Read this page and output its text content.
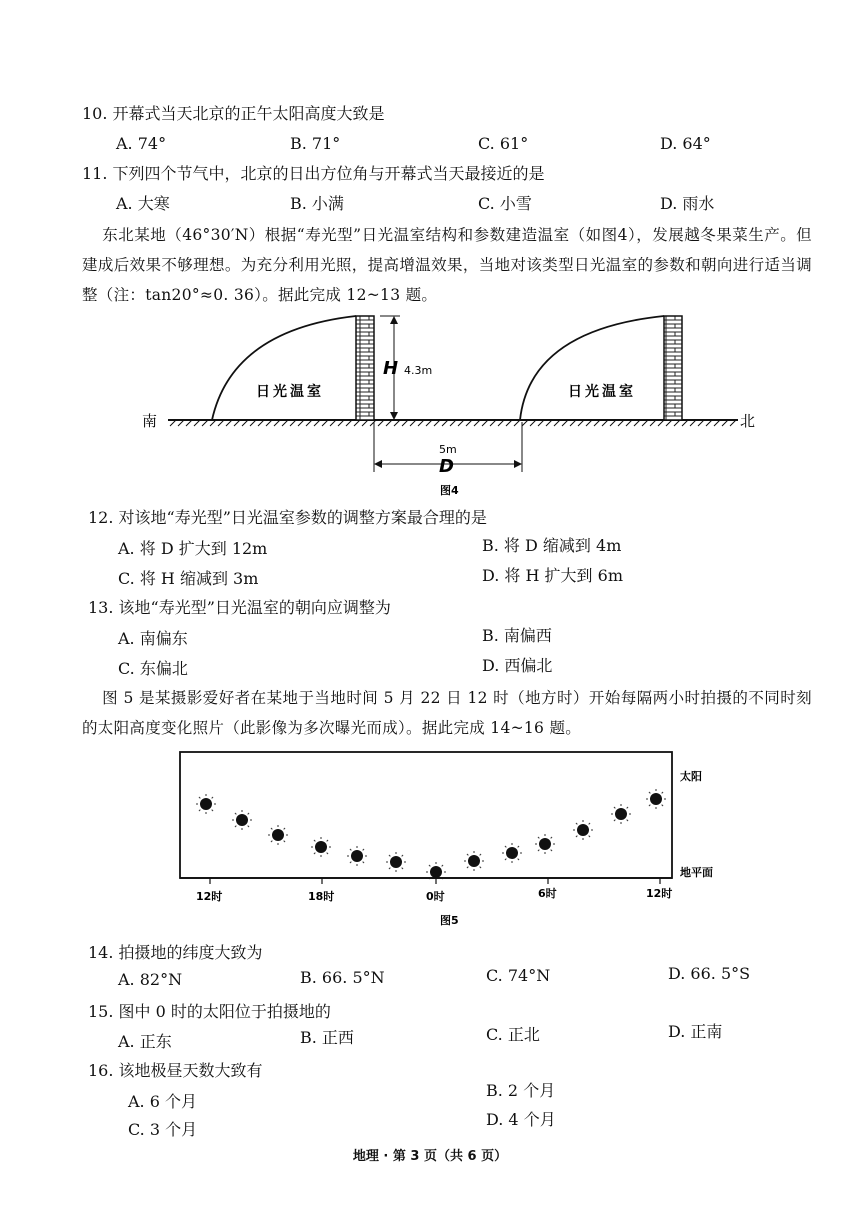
10. 开幕式当天北京的正午太阳高度大致是
A. 74°	B. 71°	C. 61°	D. 64°
11. 下列四个节气中，北京的日出方位角与开幕式当天最接近的是
A. 大寒	B. 小满	C. 小雪	D. 雨水
东北某地（46°30′N）根据“寿光型”日光温室结构和参数建造温室（如图4），发展越冬果菜生产。但建成后效果不够理想。为充分利用光照，提高增温效果，当地对该类型日光温室的参数和朝向进行适当调整（注：tan20°≈0. 36）。据此完成 12~13 题。
H 4.3m
5m
D
日光温室	日光温室
南	北
图4
12. 对该地“寿光型”日光温室参数的调整方案最合理的是
A. 将 D 扩大到 12m	B. 将 D 缩减到 4m
C. 将 H 缩减到 3m	D. 将 H 扩大到 6m
13. 该地“寿光型”日光温室的朝向应调整为
A. 南偏东	B. 南偏西
C. 东偏北	D. 西偏北
图 5 是某摄影爱好者在某地于当地时间 5 月 22 日 12 时（地方时）开始每隔两小时拍摄的不同时刻的太阳高度变化照片（此影像为多次曝光而成）。据此完成 14~16 题。
12时	18时	0时	6时	12时
太阳
地平面
图5
14. 拍摄地的纬度大致为
A. 82°N	B. 66. 5°N	C. 74°N	D. 66. 5°S
15. 图中 0 时的太阳位于拍摄地的
A. 正东	B. 正西	C. 正北	D. 正南
16. 该地极昼天数大致有
A. 6 个月
B. 2 个月
C. 3 个月
D. 4 个月
地理 · 第 3 页（共 6 页）
